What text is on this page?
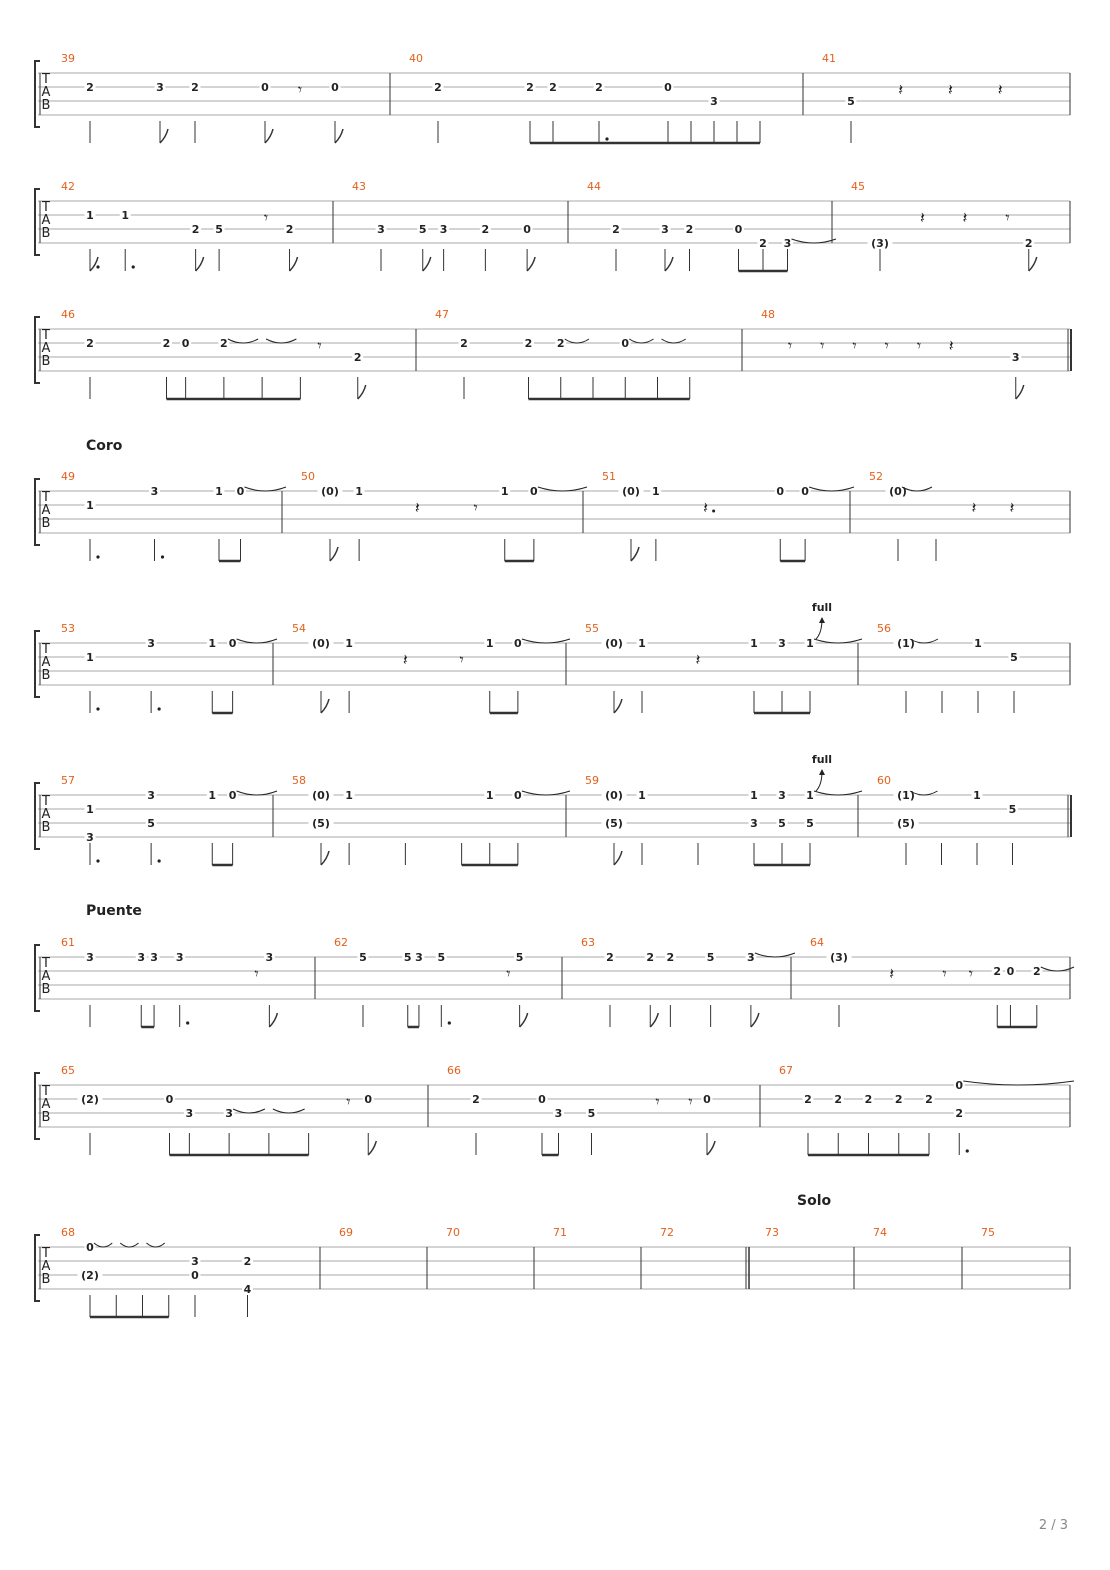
Coro
Puente
Solo
2 / 3
T
A
B
39
2	3 2	0 𝄾	0
40
2	2 2	2	0
3
41
5
𝄽	𝄽	𝄽
T
A
B
42
1	1
2 5
𝄾
2
43
3	5 3	2	0
44
2	3 2	0
2 3
45
(3)
𝄽 𝄽 𝄾
2
T
A
B
46
2	2 0	2	𝄾
2
47
2	2 2	0
48
𝄾 𝄾 𝄾 𝄾 𝄾 𝄽
3
T
A
B
49
1
3	1 0
50
(0) 1
𝄽	𝄾
1 0
51
(0) 1
𝄽
0 0
52
(0)
𝄽 𝄽
T
A
B
53
1
3	1 0
54
(0) 1
𝄽	𝄾
1 0
55
(0) 1
𝄽
1 3 1
full
56
(1)	1
5
T
A
B
57
1
3
3
5
1 0
58
(0)
(5)
1	1 0
59
(0)
(5)
1	1
3
3
5
1
5
full
60
(1)
(5)
1
5
T
A
B
61
3	3 3 3
𝄾
3
62
5	5 3 5
𝄾
5
63
2	2 2	5	3
64
(3)
𝄽	𝄾 𝄾 2 0 2
T
A
B
65
(2)	0
3	3
𝄾 0
66
2	0
3 5
𝄾 𝄾 0
67
2 2 2 2 2
0
2
T
A
B
68
0
(2)
3
0
2
4
69	70	71	72	73	74	75
